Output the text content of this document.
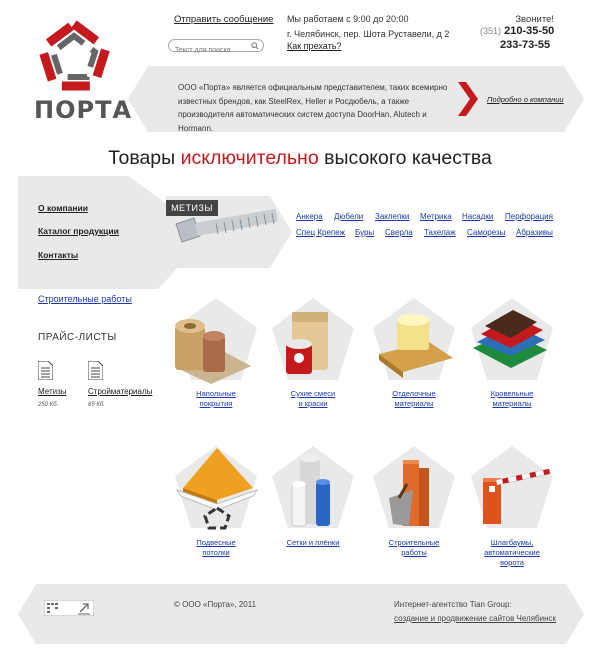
ПОРТА
Отправить сообщение
Текст для поиска Мы работаем с 9:00 до 20:00
г. Челябинск, пер. Шота Руставели, д 2
Как прехать?
Звоните!
(351) 210-35-50
233-73-55
ООО «Порта» является официальным представителем, таких всемирно известных брендов, как SteelRex, Heller и Росдюбель, а также производителя автоматических систем доступа DoorHan, Alutech и Hormann.
Подробно о компании
Товары исключительно высокого качества
О компании
Каталог продукции
Контакты
Строительные работы
ПРАЙС-ЛИСТЫ
Метизы
250 Кб.
Стройматериалы
65 Кб.
МЕТИЗЫ
Анкера Дюбели Заклепки Метрика Насадки Перфорация
Спец Крепеж Буры Сверла Тахелаж Саморезы Абразивы
Напольные
покрытия
Сухие смеси
и краски
Отделочные
материалы
Кровельные
материалы
Подвесные
потолки
Сетки и плёнки	Строительные
работы
Шлагбаумы,
автоматические
ворота
© ООО «Порта», 2011	Интернет-агентство Tian Group:
создание и продвижение сайтов Челябинск
